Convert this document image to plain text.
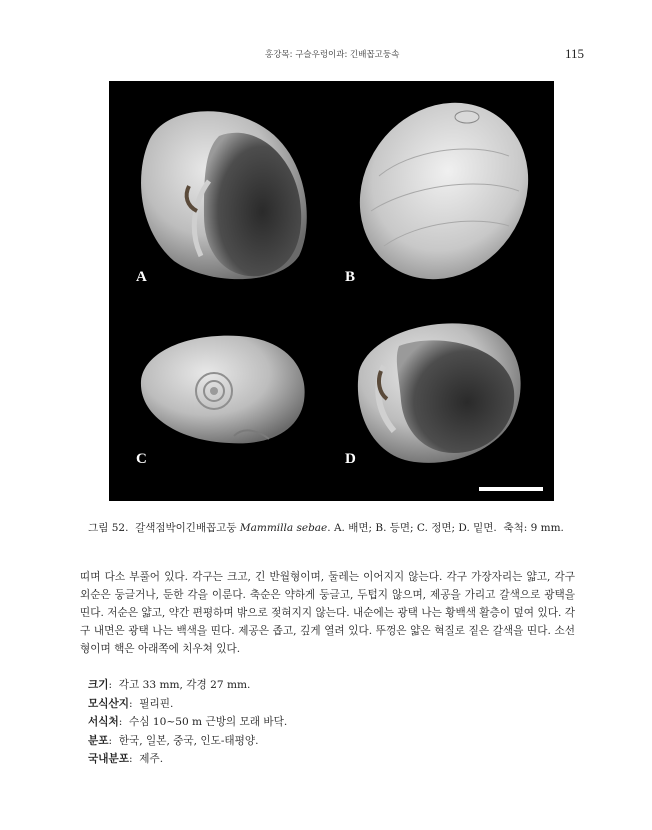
홍강목: 구슬우렁이과: 긴배꼽고둥속	115
A	B
C	D
그림 52. 갈색점박이긴배꼽고둥 Mammilla sebae. A. 배면; B. 등면; C. 정면; D. 밑면. 축척: 9 mm.

띠며 다소 부풀어 있다. 각구는 크고, 긴 반월형이며, 둘레는 이어지지 않는다. 각구 가장자리는 얇고, 각구 외순은 둥글거나, 둔한 각을 이룬다. 축순은 약하게 둥글고, 두텁지 않으며, 제공을 가리고 갈색으로 광택을 띤다. 저순은 얇고, 약간 편평하며 밖으로 젖혀지지 않는다. 내순에는 광택 나는 황백색 활층이 덮여 있다. 각구 내면은 광택 나는 백색을 띤다. 제공은 좁고, 깊게 열려 있다. 뚜껑은 얇은 혁질로 짙은 갈색을 띤다. 소선형이며 핵은 아래쪽에 치우쳐 있다.

크기:  각고 33 mm, 각경 27 mm.
모식산지:  필리핀.
서식처:  수심 10~50 m 근방의 모래 바닥.
분포:  한국, 일본, 중국, 인도-태평양.
국내분포:  제주.
